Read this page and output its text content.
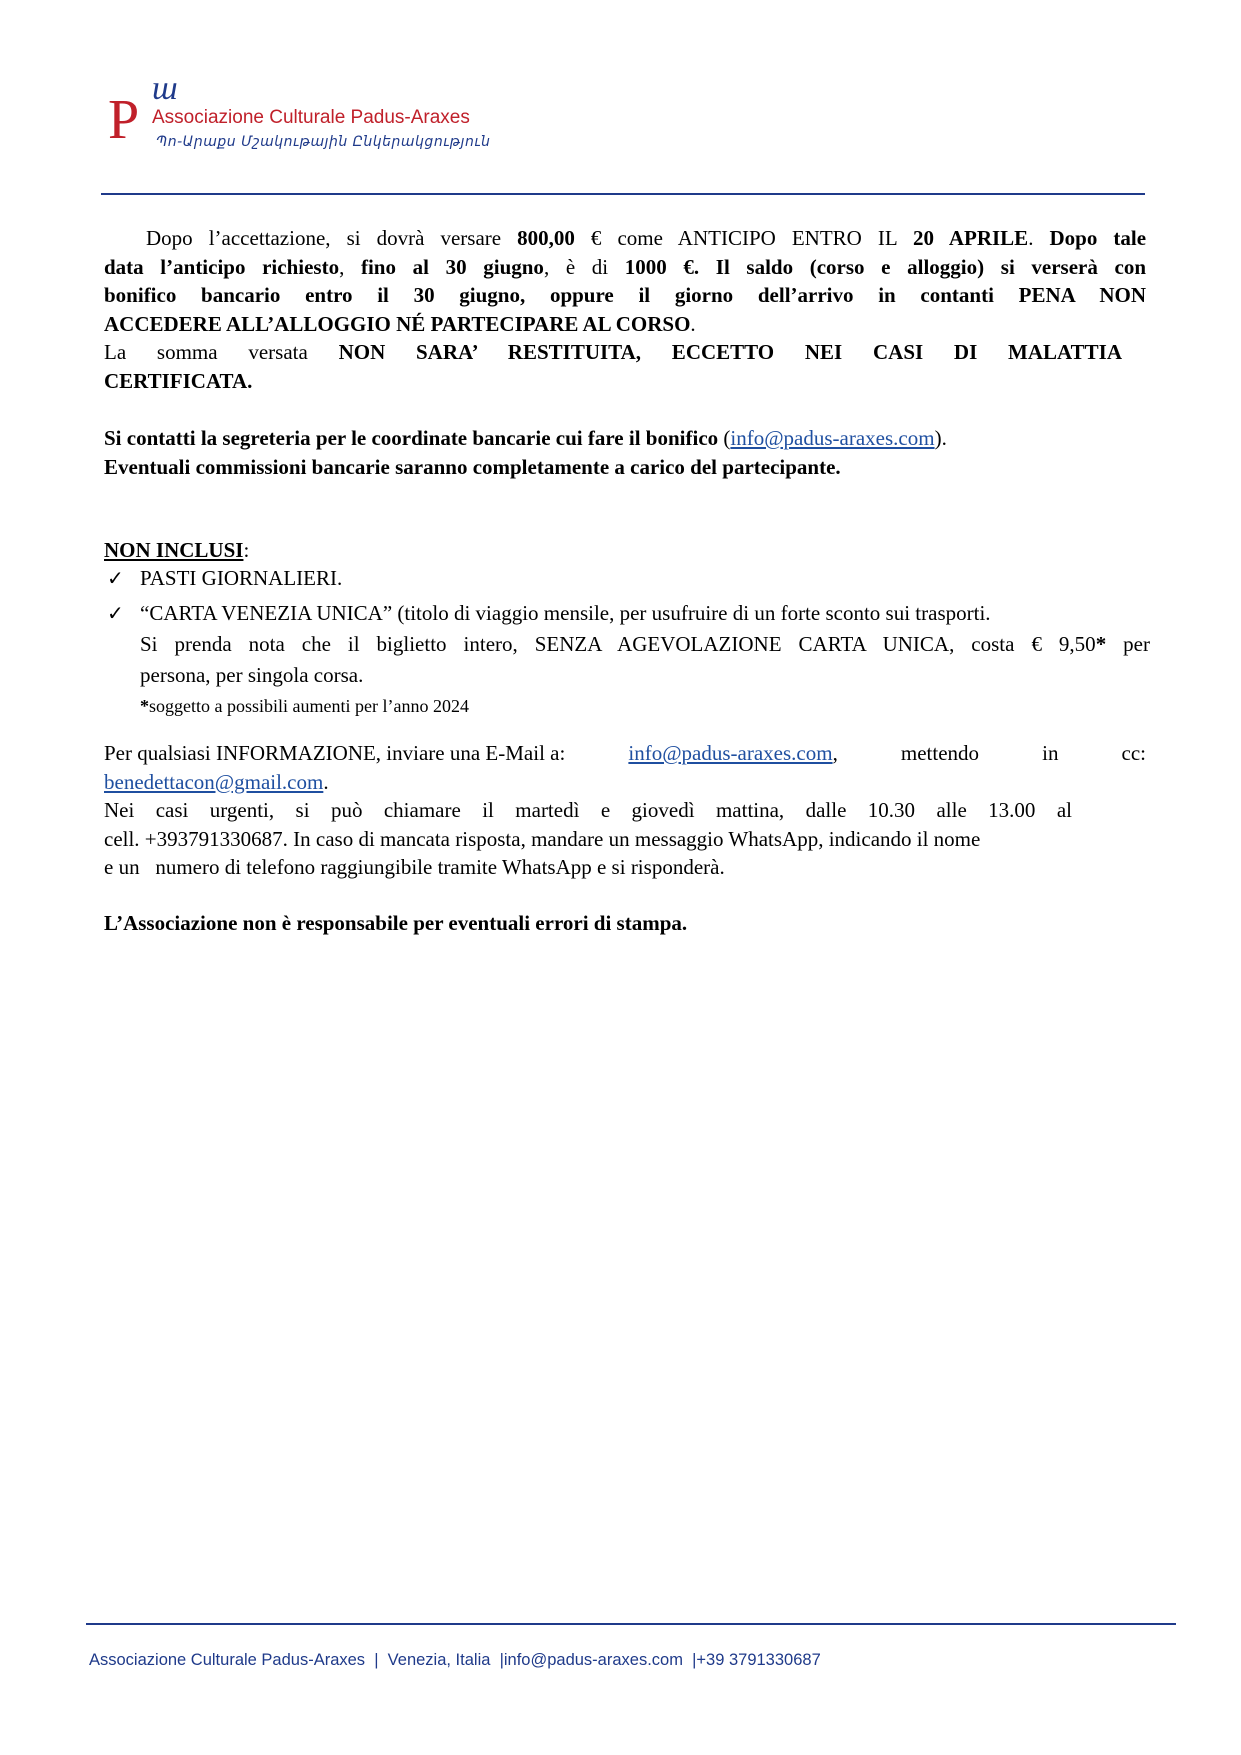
ш
P Associazione Culturale Padus-Araxes
Պո-Արաքս Մշակութային Ընկերակցություն
Dopo l’accettazione, si dovrà versare 800,00 € come ANTICIPO ENTRO IL 20 APRILE. Dopo tale
data l’anticipo richiesto, fino al 30 giugno, è di 1000 €. Il saldo (corso e alloggio) si verserà con
bonifico bancario entro il 30 giugno, oppure il giorno dell’arrivo in contanti PENA NON
ACCEDERE ALL’ALLOGGIO NÉ PARTECIPARE AL CORSO.
La somma versata NON SARA’ RESTITUITA, ECCETTO NEI CASI DI MALATTIA
CERTIFICATA.
Si contatti la segreteria per le coordinate bancarie cui fare il bonifico (info@padus-araxes.com).
Eventuali commissioni bancarie saranno completamente a carico del partecipante.
NON INCLUSI:
✓ PASTI GIORNALIERI.
✓ “CARTA VENEZIA UNICA” (titolo di viaggio mensile, per usufruire di un forte sconto sui trasporti.
Si prenda nota che il biglietto intero, SENZA AGEVOLAZIONE CARTA UNICA, costa € 9,50* per
persona, per singola corsa.
*soggetto a possibili aumenti per l’anno 2024
Per qualsiasi INFORMAZIONE, inviare una E-Mail a:	info@padus-araxes.com,	mettendo	in	cc:
benedettacon@gmail.com.
Nei casi urgenti, si può chiamare il martedì e giovedì mattina, dalle 10.30 alle 13.00 al
cell. +393791330687. In caso di mancata risposta, mandare un messaggio WhatsApp, indicando il nome
e un   numero di telefono raggiungibile tramite WhatsApp e si risponderà.
L’Associazione non è responsabile per eventuali errori di stampa.
Associazione Culturale Padus-Araxes  |  Venezia, Italia  |info@padus-araxes.com  |+39 3791330687
